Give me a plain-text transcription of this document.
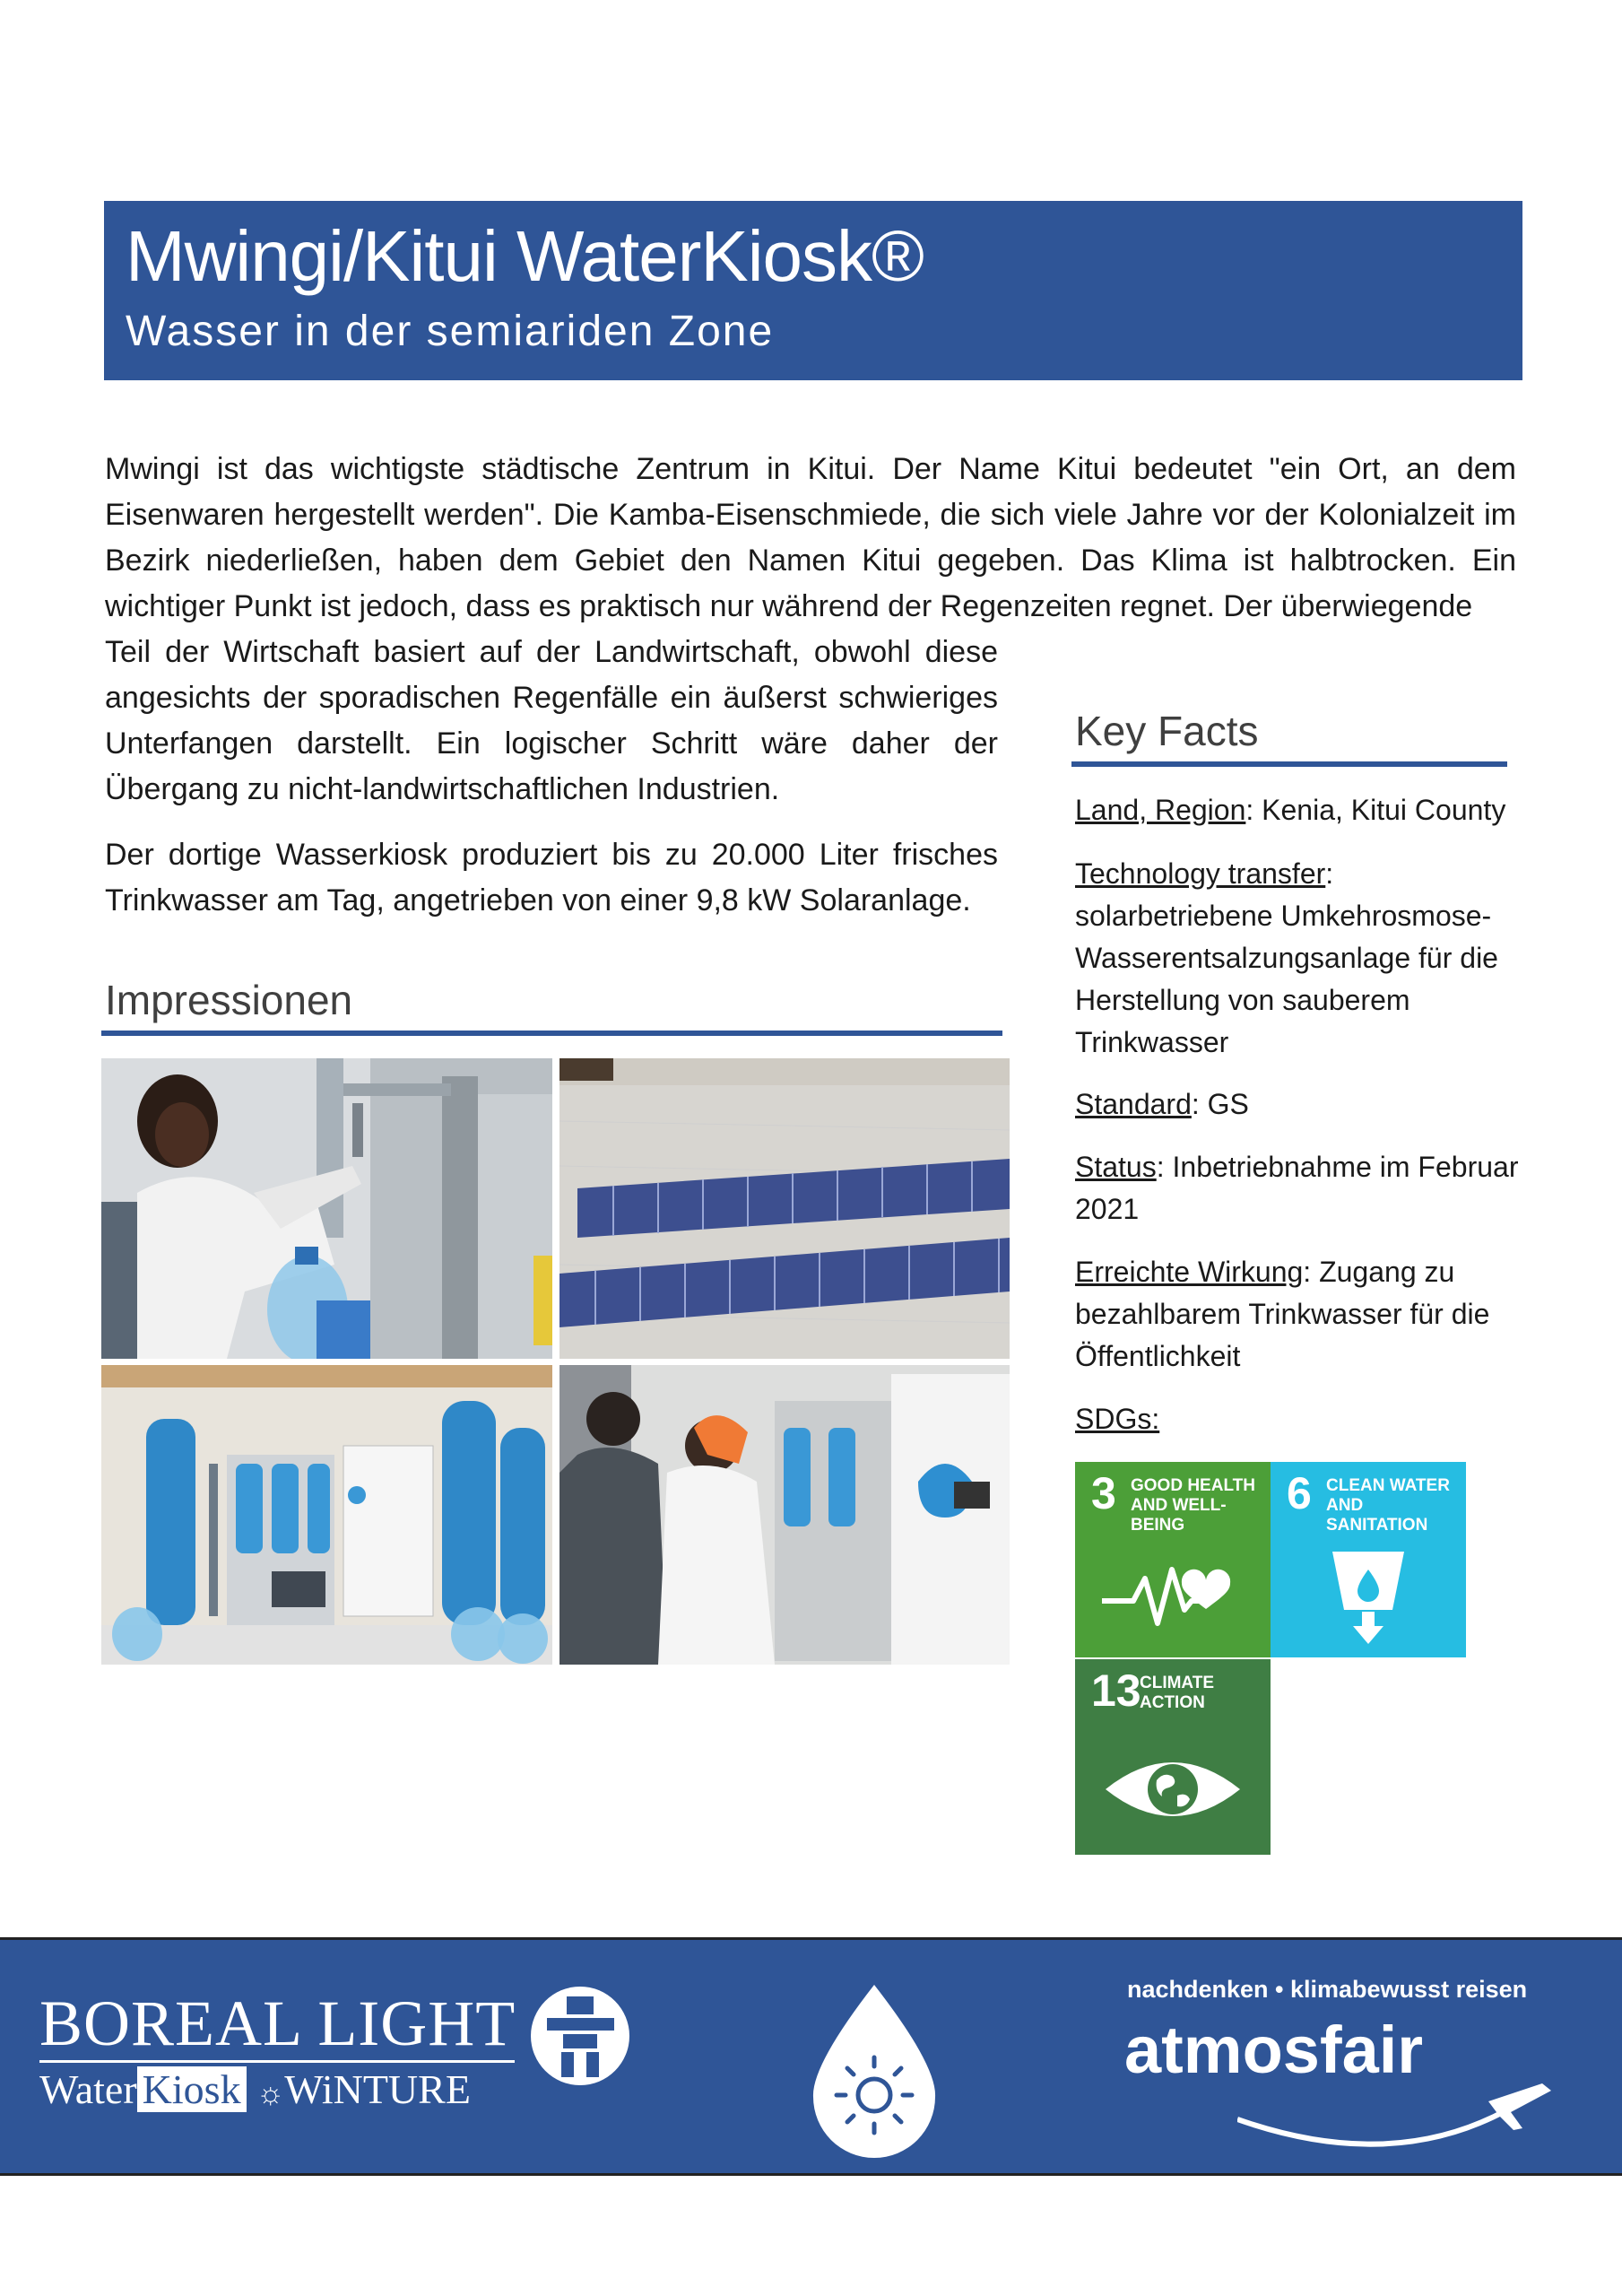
Mwingi/Kitui WaterKiosk®
Wasser in der semiariden Zone

Mwingi ist das wichtigste städtische Zentrum in Kitui. Der Name Kitui bedeutet "ein Ort, an dem Eisenwaren hergestellt werden". Die Kamba-Eisenschmiede, die sich viele Jahre vor der Kolonialzeit im Bezirk niederließen, haben dem Gebiet den Namen Kitui gegeben. Das Klima ist halbtrocken. Ein wichtiger Punkt ist jedoch, dass es praktisch nur während der Regenzeiten regnet. Der überwiegende

Teil der Wirtschaft basiert auf der Landwirtschaft, obwohl diese angesichts der sporadischen Regenfälle ein äußerst schwieriges Unterfangen darstellt. Ein logischer Schritt wäre daher der Übergang zu nicht-landwirtschaftlichen Industrien.

Der dortige Wasserkiosk produziert bis zu 20.000 Liter frisches Trinkwasser am Tag, angetrieben von einer 9,8 kW Solaranlage.

Impressionen
Key Facts

Land, Region: Kenia, Kitui County

Technology transfer: solarbetriebene Umkehrosmose-Wasserentsalzungsanlage für die Herstellung von sauberem Trinkwasser

Standard: GS

Status: Inbetriebnahme im Februar 2021

Erreichte Wirkung: Zugang zu bezahlbarem Trinkwasser für die Öffentlichkeit

SDGs:

3 GOOD HEALTH AND WELL-BEING
6 CLEAN WATER AND SANITATION
13
CLIMATE ACTION
BOREAL LIGHT
Water Kiosk ☼WiNTURE
nachdenken • klimabewusst reisen
atmosfair
